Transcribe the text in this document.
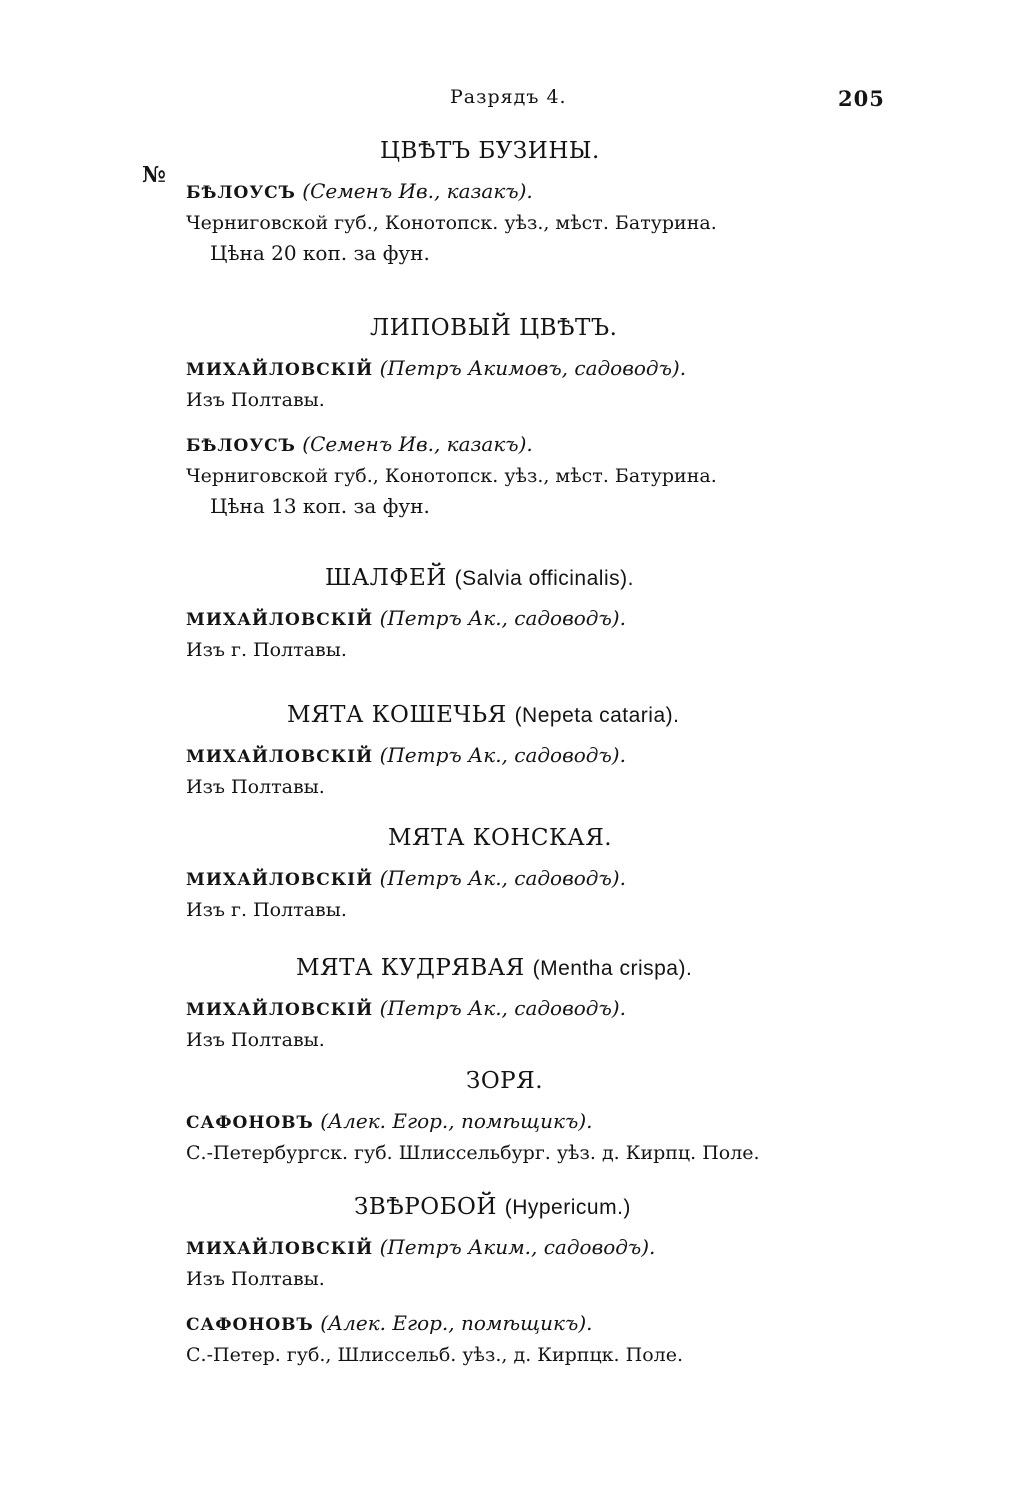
Разрядъ 4.	205
№
ЦВѢТЪ БУЗИНЫ.
БѢЛОУСЪ (Семенъ Ив., казакъ).
Черниговской губ., Конотопск. уѣз., мѣст. Батурина.
Цѣна 20 коп. за фун.
ЛИПОВЫЙ ЦВѢТЪ.
МИХАЙЛОВСКІЙ (Петръ Акимовъ, садоводъ).
Изъ Полтавы.
БѢЛОУСЪ (Семенъ Ив., казакъ).
Черниговской губ., Конотопск. уѣз., мѣст. Батурина.
Цѣна 13 коп. за фун.
ШАЛФЕЙ (Salvia officinalis).
МИХАЙЛОВСКІЙ (Петръ Ак., садоводъ).
Изъ г. Полтавы.
МЯТА КОШЕЧЬЯ (Nepeta cataria).
МИХАЙЛОВСКІЙ (Петръ Ак., садоводъ).
Изъ Полтавы.
МЯТА КОНСКАЯ.
МИХАЙЛОВСКІЙ (Петръ Ак., садоводъ).
Изъ г. Полтавы.
МЯТА КУДРЯВАЯ (Mentha crispa).
МИХАЙЛОВСКІЙ (Петръ Ак., садоводъ).
Изъ Полтавы.
ЗОРЯ.
САФОНОВЪ (Алек. Егор., помѣщикъ).
С.-Петербургск. губ. Шлиссельбург. уѣз. д. Кирпц. Поле.
ЗВѢРОБОЙ (Hypericum.)
МИХАЙЛОВСКІЙ (Петръ Аким., садоводъ).
Изъ Полтавы.
САФОНОВЪ (Алек. Егор., помѣщикъ).
С.-Петер. губ., Шлиссельб. уѣз., д. Кирпцк. Поле.
